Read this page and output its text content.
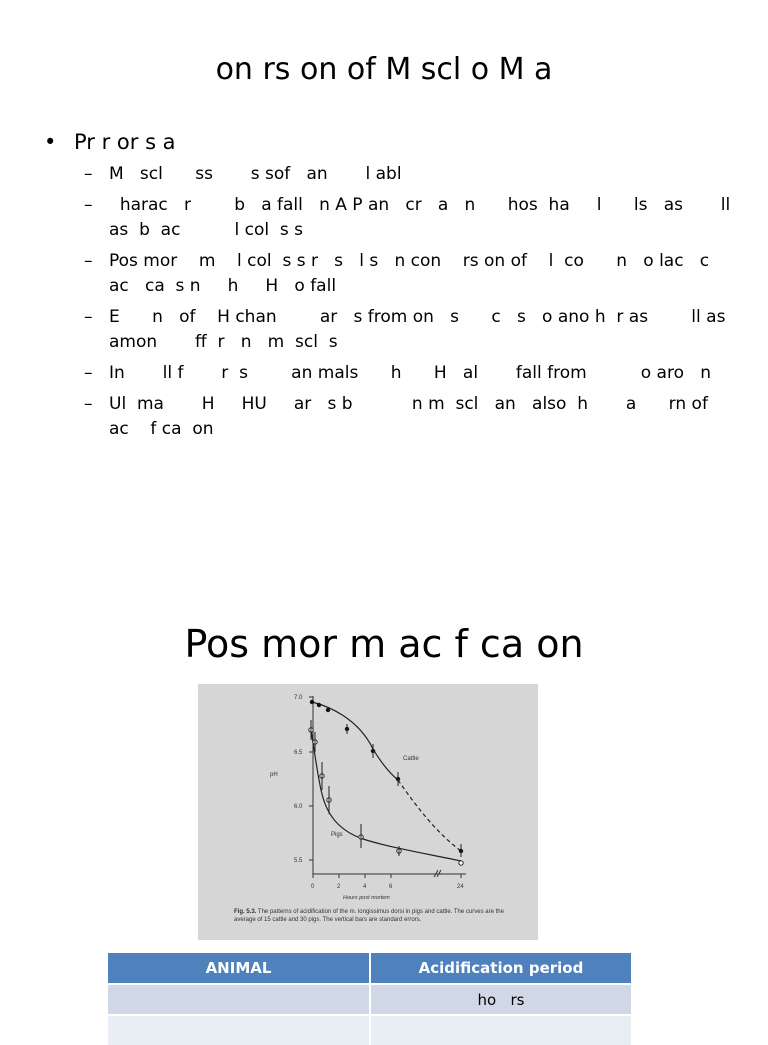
on rs on of M scl o M a
• Pr r or s a
– M   scl      ss       s sof   an       l abl
–   harac   r        b   a fall   n A P an   cr   a   n      hos  ha     l      ls   as       ll as  b  ac          l col  s s
– Pos mor    m    l col  s s r   s   l s   n con    rs on of    l  co      n   o lac   c ac   ca  s n     h     H   o fall
– E      n   of    H chan        ar   s from on   s      c   s   o ano h  r as        ll as  amon       ff  r   n   m  scl  s
– In       ll f       r  s        an mals      h      H   al       fall from          o aro   n
– Ul  ma       H     HU     ar   s b           n m  scl   an   also  h       a      rn of  ac    f ca  on
Pos mor m ac f ca on
7.0
6.5
6.0
5.5
pH
0	2	4	6	24
Hours post mortem
Cattle
Pigs
Fig. 5.3. The patterns of acidification of the m. longissimus dorsi in pigs and cattle. The curves are the average of 15 cattle and 30 pigs. The vertical bars are standard errors.
ANIMAL	Acidification period
	ho   rs
